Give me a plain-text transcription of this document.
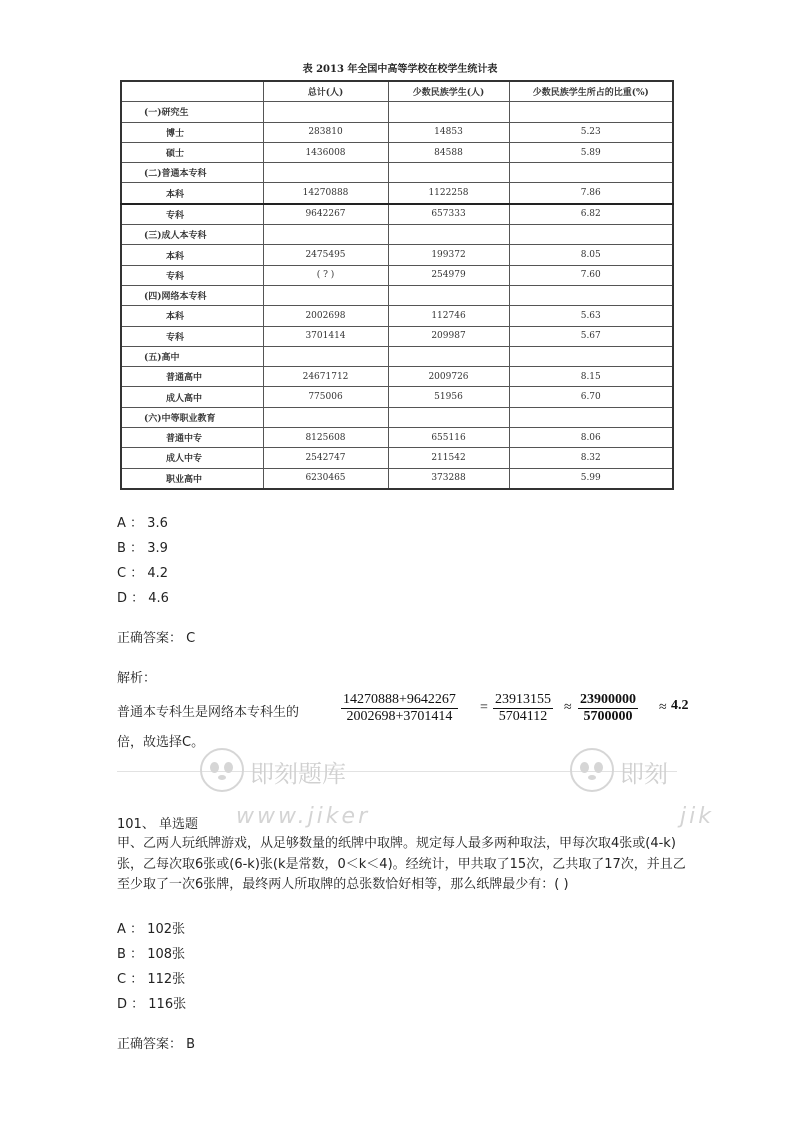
表 2013 年全国中高等学校在校学生统计表
	总计(人)	少数民族学生(人)	少数民族学生所占的比重(%)
(一)研究生			
博士	283810	14853	5.23
硕士	1436008	84588	5.89
(二)普通本专科			
本科	14270888	1122258	7.86
专科	9642267	657333	6.82
(三)成人本专科			
本科	2475495	199372	8.05
专科	( ? )	254979	7.60
(四)网络本专科			
本科	2002698	112746	5.63
专科	3701414	209987	5.67
(五)高中			
普通高中	24671712	2009726	8.15
成人高中	775006	51956	6.70
(六)中等职业教育			
普通中专	8125608	655116	8.06
成人中专	2542747	211542	8.32
职业高中	6230465	373288	5.99
A ： 3.6
B ： 3.9
C ： 4.2
D ： 4.6
正确答案： C
解析：
普通本专科生是网络本专科生的	$\frac{14270888+9642267}{2002698+3701414} = \frac{23913155}{5704112} \approx \frac{23900000}{5700000} \approx 4.2$
倍，故选择C。
即刻题库
www.jiker
即刻
jik
101、 单选题
甲、乙两人玩纸牌游戏，从足够数量的纸牌中取牌。规定每人最多两种取法，甲每次取4张或(4-k)张，乙每次取6张或(6-k)张(k是常数，0＜k＜4)。经统计，甲共取了15次，乙共取了17次，并且乙至少取了一次6张牌，最终两人所取牌的总张数恰好相等，那么纸牌最少有：( )
A ： 102张
B ： 108张
C ： 112张
D ： 116张
正确答案： B
